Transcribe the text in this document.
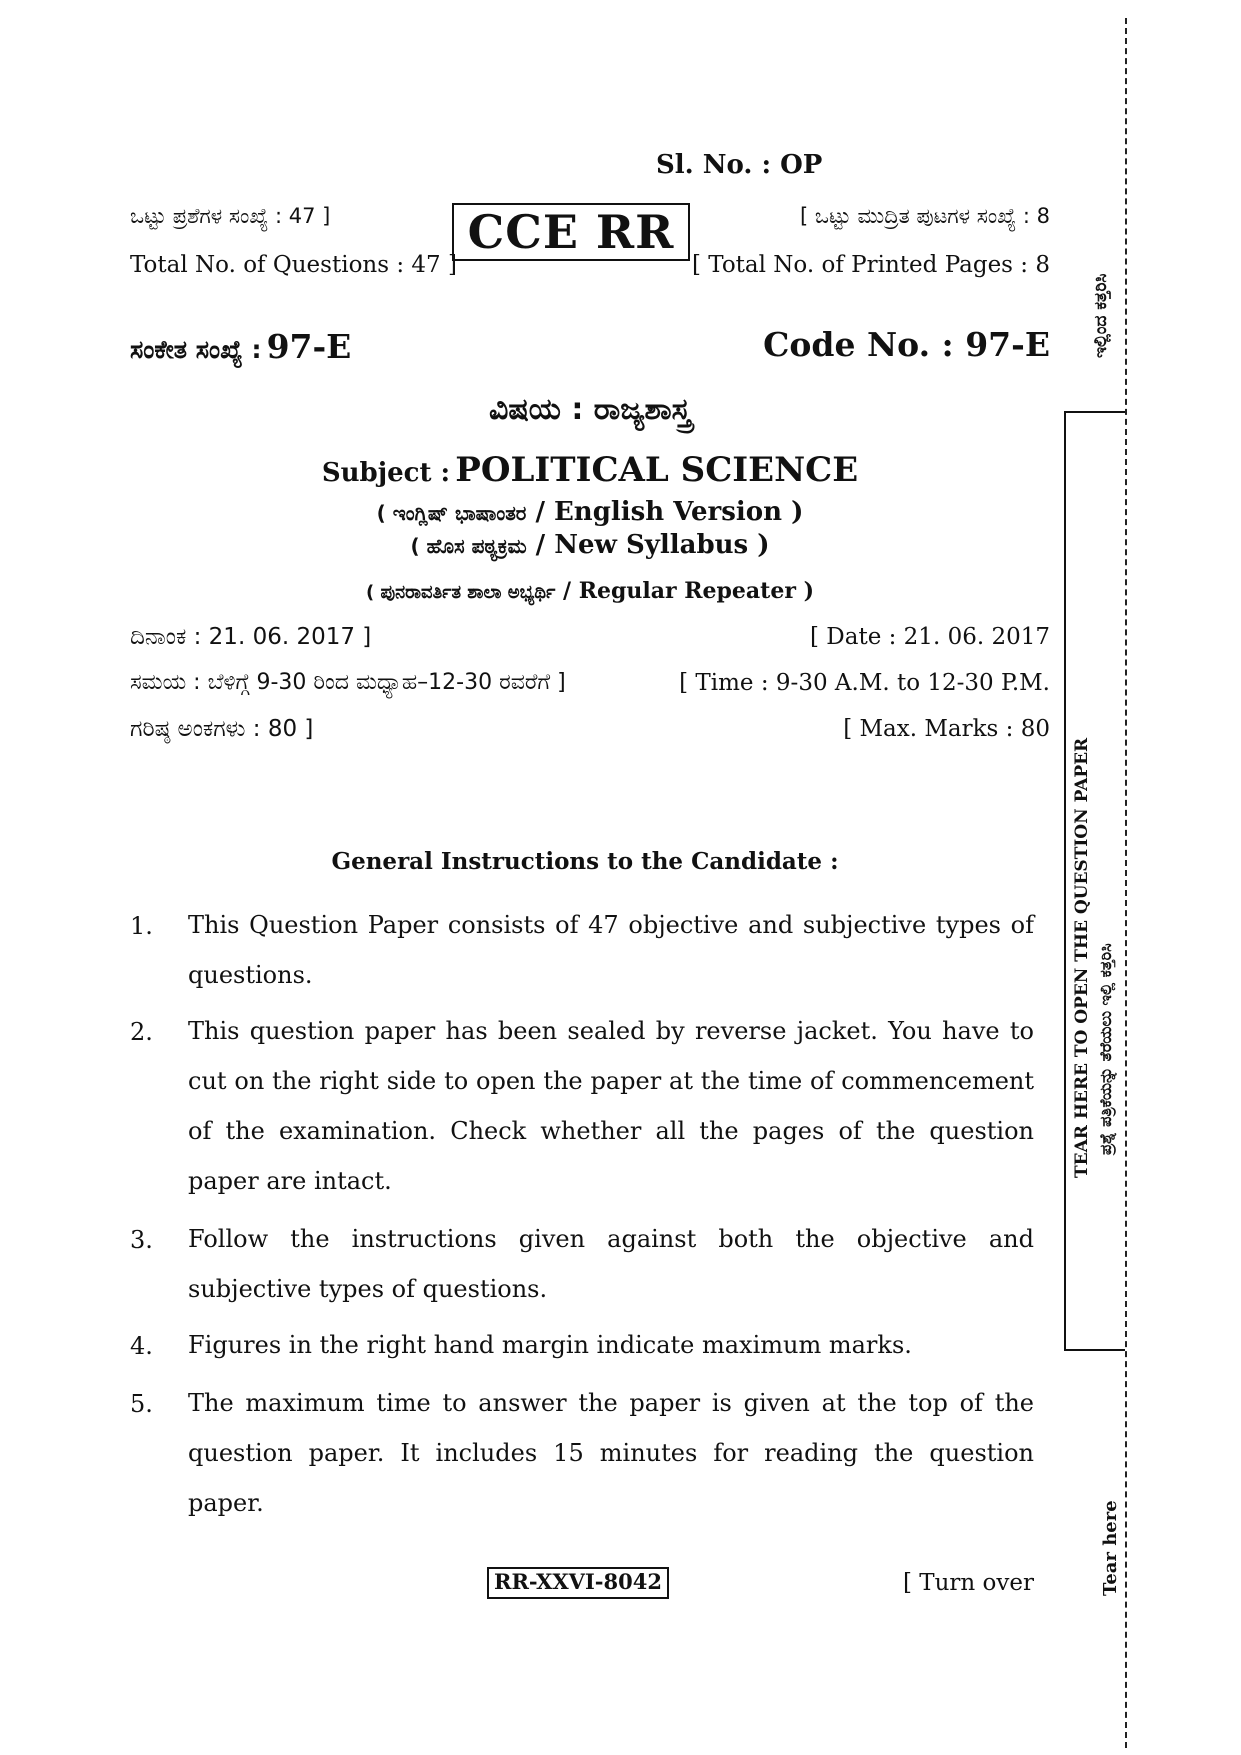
Sl. No. : OP
ಒಟ್ಟು ಪ್ರಶೆಗಳ ಸಂಖ್ಯೆ : 47 ]
Total No. of Questions : 47 ]
CCE RR	[ ಒಟ್ಟು ಮುದ್ರಿತ ಪುಟಗಳ ಸಂಖ್ಯೆ : 8
[ Total No. of Printed Pages : 8
ಸಂಕೇತ ಸಂಖ್ಯೆ : 97-E	Code No. : 97-E
ವಿಷಯ : ರಾಜ್ಯಶಾಸ್ತ್ರ
Subject : POLITICAL SCIENCE
( ಇಂಗ್ಲಿಷ್ ಭಾಷಾಂತರ / English Version )
( ಹೊಸ ಪಠ್ಯಕ್ರಮ / New Syllabus )
( ಪುನರಾವರ್ತಿತ ಶಾಲಾ ಅಭ್ಯರ್ಥಿ / Regular Repeater )
ದಿನಾಂಕ : 21. 06. 2017 ]	[ Date : 21. 06. 2017
ಸಮಯ : ಬೆಳಿಗ್ಗೆ 9-30 ರಿಂದ ಮಧ್ಯಾಹ–12-30 ರವರೆಗೆ ]	[ Time : 9-30 A.M. to 12-30 P.M.
ಗರಿಷ್ಠ ಅಂಕಗಳು : 80 ]	[ Max. Marks : 80
General Instructions to the Candidate :
1. This Question Paper consists of 47 objective and subjective types of questions.
2. This question paper has been sealed by reverse jacket. You have to cut on the right side to open the paper at the time of commencement of the examination. Check whether all the pages of the question paper are intact.
3. Follow the instructions given against both the objective and subjective types of questions.
4. Figures in the right hand margin indicate maximum marks.
5. The maximum time to answer the paper is given at the top of the question paper. It includes 15 minutes for reading the question paper.
RR-XXVI-8042	[ Turn over
ಇಲ್ಲಿಂದ ಕತ್ತರಿಸಿ
TEAR HERE TO OPEN THE QUESTION PAPER ಪ್ರಶ್ನೆ ಪತ್ರಿಕೆಯನ್ನು ತೆರೆಯಲು ಇಲ್ಲಿ ಕತ್ತರಿಸಿ
Tear here
